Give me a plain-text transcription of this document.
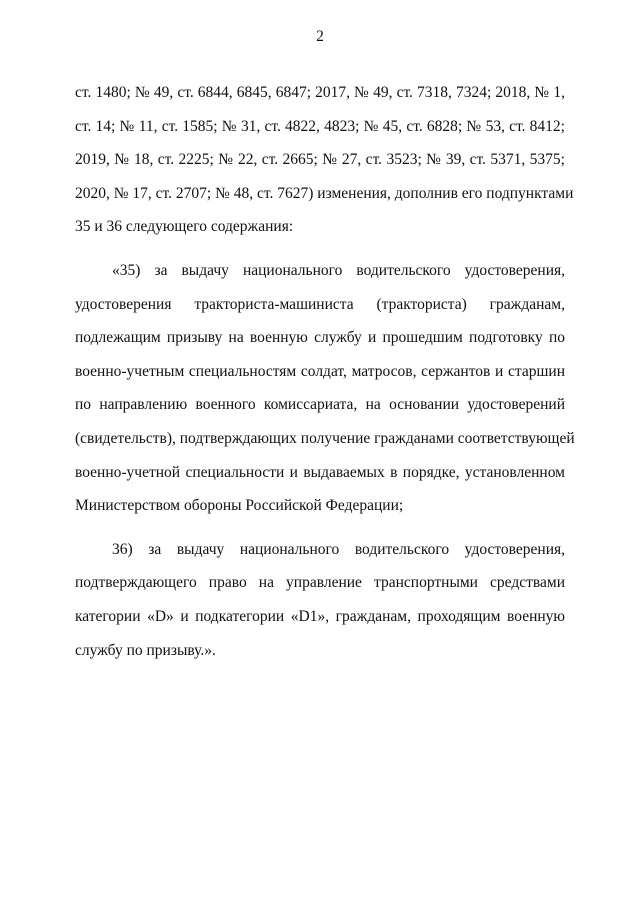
2
ст. 1480; № 49, ст. 6844, 6845, 6847; 2017, № 49, ст. 7318, 7324; 2018, № 1,
ст. 14; № 11, ст. 1585; № 31, ст. 4822, 4823; № 45, ст. 6828; № 53, ст. 8412;
2019, № 18, ст. 2225; № 22, ст. 2665; № 27, ст. 3523; № 39, ст. 5371, 5375;
2020, № 17, ст. 2707; № 48, ст. 7627) изменения, дополнив его подпунктами
35 и 36 следующего содержания:
«35) за выдачу национального водительского удостоверения,
удостоверения тракториста-машиниста (тракториста) гражданам,
подлежащим призыву на военную службу и прошедшим подготовку по
военно-учетным специальностям солдат, матросов, сержантов и старшин
по направлению военного комиссариата, на основании удостоверений
(свидетельств), подтверждающих получение гражданами соответствующей
военно-учетной специальности и выдаваемых в порядке, установленном
Министерством обороны Российской Федерации;
36) за выдачу национального водительского удостоверения,
подтверждающего право на управление транспортными средствами
категории «D» и подкатегории «D1», гражданам, проходящим военную
службу по призыву.».
